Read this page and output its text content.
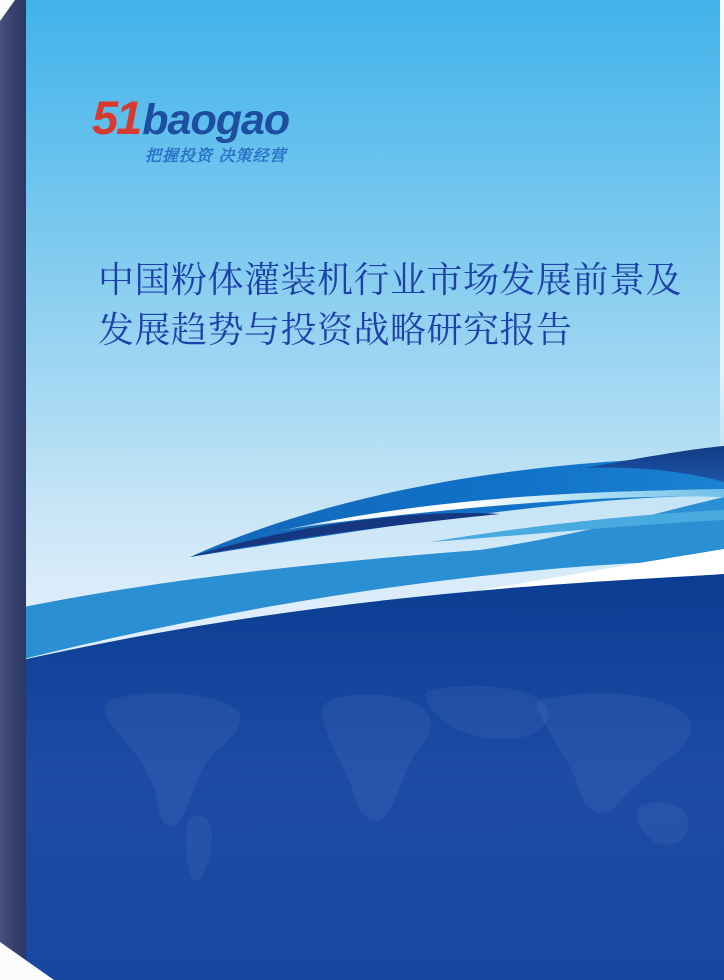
51baogao
把握投资 决策经营
中国粉体灌装机行业市场发展前景及
发展趋势与投资战略研究报告
